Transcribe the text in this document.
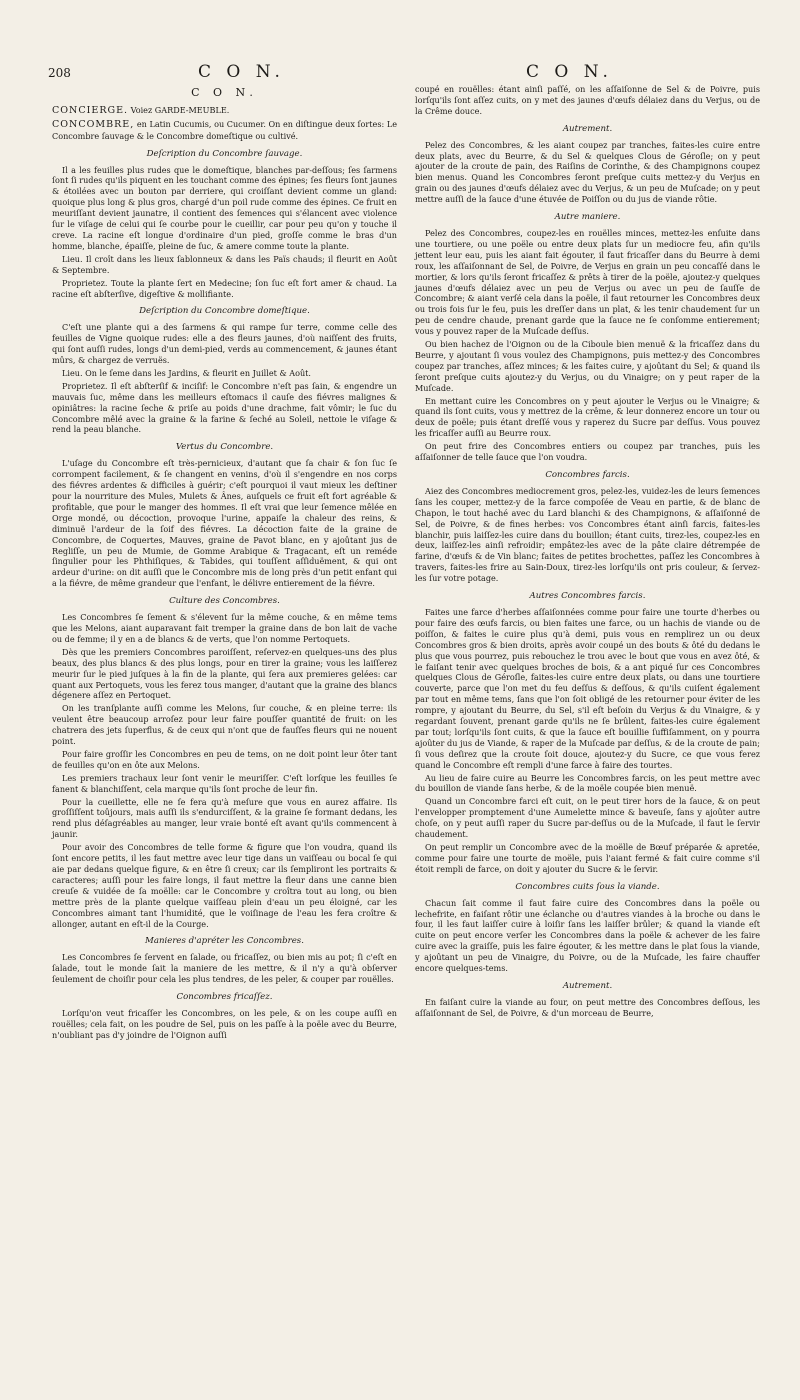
208	C O N.	C O N.
C O N.

CONCIERGE. Voiez GARDE-MEUBLE.

CONCOMBRE, en Latin Cucumis, ou Cucumer. On en diſtingue deux ſortes: Le Concombre ſauvage & le Concombre domeſtique ou cultivé.

Deſcription du Concombre ſauvage.

Il a les feuilles plus rudes que le domeſtique, blanches par-deſſous; ſes ſarmens ſont ſi rudes qu'ils piquent en les touchant comme des épines; ſes fleurs ſont jaunes & étoilées avec un bouton par derriere, qui croiſſant devient comme un gland: quoique plus long & plus gros, chargé d'un poil rude comme des épines. Ce fruit en meuriſſant devient jaunatre, il contient des ſemences qui s'élancent avec violence ſur le viſage de celui qui ſe courbe pour le cueillir, car pour peu qu'on y touche il creve. La racine eſt longue d'ordinaire d'un pied, groſſe comme le bras d'un homme, blanche, épaiſſe, pleine de ſuc, & amere comme toute la plante.

Lieu. Il croît dans les lieux ſablonneux & dans les Païs chauds; il fleurit en Août & Septembre.

Proprietez. Toute la plante ſert en Medecine; ſon ſuc eſt fort amer & chaud. La racine eſt abſterſive, digeſtive & mollifiante.

Deſcription du Concombre domeſtique.

C'eſt une plante qui a des ſarmens & qui rampe ſur terre, comme celle des feuilles de Vigne quoique rudes: elle a des fleurs jaunes, d'où naiſſent des fruits, qui ſont auſſi rudes, longs d'un demi-pied, verds au commencement, & jaunes étant mûrs, & chargez de verruës.

Lieu. On le ſeme dans les Jardins, & fleurit en Juillet & Août.

Proprietez. Il eſt abſterſif & inciſif: le Concombre n'eſt pas ſain, & engendre un mauvais ſuc, même dans les meilleurs eſtomacs il cauſe des fiévres malignes & opiniâtres: la racine ſeche & priſe au poids d'une drachme, fait vômir; le ſuc du Concombre mêlé avec la graine & la farine & ſeché au Soleil, nettoie le viſage & rend la peau blanche.

Vertus du Concombre.

L'uſage du Concombre eſt très-pernicieux, d'autant que ſa chair & ſon ſuc ſe corrompent facilement, & ſe changent en venins, d'où il s'engendre en nos corps des fiévres ardentes & difficiles à guérir; c'eſt pourquoi il vaut mieux les deſtiner pour la nourriture des Mules, Mulets & Ânes, auſquels ce fruit eſt fort agréable & profitable, que pour le manger des hommes. Il eſt vrai que leur ſemence mêlée en Orge mondé, ou décoction, provoque l'urine, appaiſe la chaleur des reins, & diminuë l'ardeur de la ſoif des fiévres. La décoction faite de la graine de Concombre, de Coquertes, Mauves, graine de Pavot blanc, en y ajoûtant jus de Regliſſe, un peu de Mumie, de Gomme Arabique & Tragacant, eſt un reméde ſingulier pour les Phthiſiques, & Tabides, qui touſſent aſſiduëment, & qui ont ardeur d'urine: on dit auſſi que le Concombre mis de long près d'un petit enfant qui a la fiévre, de même grandeur que l'enfant, le délivre entierement de la fiévre.

Culture des Concombres.

Les Concombres ſe ſement & s'élevent ſur la même couche, & en même tems que les Melons, aiant auparavant fait tremper la graine dans de bon lait de vache ou de femme; il y en a de blancs & de verts, que l'on nomme Pertoquets.

Dès que les premiers Concombres paroiſſent, reſervez-en quelques-uns des plus beaux, des plus blancs & des plus longs, pour en tirer la graine; vous les laiſſerez meurir ſur le pied juſques à la fin de la plante, qui ſera aux premieres gelées: car quant aux Pertoquets, vous les ferez tous manger, d'autant que la graine des blancs dégenere aſſez en Pertoquet.

On les tranſplante auſſi comme les Melons, ſur couche, & en pleine terre: ils veulent être beaucoup arroſez pour leur faire pouſſer quantité de fruit: on les chatrera des jets ſuperflus, & de ceux qui n'ont que de fauſſes fleurs qui ne nouent point.

Pour faire groſſir les Concombres en peu de tems, on ne doit point leur ôter tant de feuilles qu'on en ôte aux Melons.

Les premiers trachaux leur ſont venir le meuriſſer. C'eſt lorſque les feuilles ſe fanent & blanchiſſent, cela marque qu'ils ſont proche de leur fin.

Pour la cueillette, elle ne ſe fera qu'à meſure que vous en aurez affaire. Ils groſſiſſent toûjours, mais auſſi ils s'endurciſſent, & la graine ſe formant dedans, les rend plus déſagréables au manger, leur vraie bonté eſt avant qu'ils commencent à jaunir.

Pour avoir des Concombres de telle forme & figure que l'on voudra, quand ils ſont encore petits, il les faut mettre avec leur tige dans un vaiſſeau ou bocal ſe qui aie par dedans quelque figure, & en être ſi creux; car ils ſempliront les portraits & caracteres; auſſi pour les faire longs, il faut mettre la fleur dans une canne bien creuſe & vuidée de ſa moëlle: car le Concombre y croîtra tout au long, ou bien mettre près de la plante quelque vaiſſeau plein d'eau un peu éloigné, car les Concombres aimant tant l'humidité, que le voiſinage de l'eau les fera croître & allonger, autant en eſt-il de la Courge.

Manieres d'apréter les Concombres.

Les Concombres ſe ſervent en ſalade, ou fricaſſez, ou bien mis au pot; ſi c'eſt en ſalade, tout le monde ſait la maniere de les mettre, & il n'y a qu'à obſerver ſeulement de choiſir pour cela les plus tendres, de les peler, & couper par rouëlles.

Concombres fricaſſez.

Lorſqu'on veut fricaſſer les Concombres, on les pele, & on les coupe auſſi en rouëlles; cela fait, on les poudre de Sel, puis on les paſſe à la poële avec du Beurre, n'oubliant pas d'y joindre de l'Oignon auſſi

coupé en rouëlles: étant ainſi paſſé, on les aſſaiſonne de Sel & de Poivre, puis lorſqu'ils ſont aſſez cuits, on y met des jaunes d'œufs délaiez dans du Verjus, ou de la Crême douce.

Autrement.

Pelez des Concombres, & les aiant coupez par tranches, faites-les cuire entre deux plats, avec du Beurre, & du Sel & quelques Clous de Géroſle; on y peut ajouter de la croute de pain, des Raiſins de Corinthe, & des Champignons coupez bien menus. Quand les Concombres ſeront preſque cuits mettez-y du Verjus en grain ou des jaunes d'œufs délaiez avec du Verjus, & un peu de Muſcade; on y peut mettre auſſi de la ſauce d'une étuvée de Poiſſon ou du jus de viande rôtie.

Autre maniere.

Pelez des Concombres, coupez-les en rouëlles minces, mettez-les enſuite dans une tourtiere, ou une poële ou entre deux plats ſur un mediocre feu, afin qu'ils jettent leur eau, puis les aiant fait égouter, il faut fricaſſer dans du Beurre à demi roux, les aſſaiſonnant de Sel, de Poivre, de Verjus en grain un peu concaſſé dans le mortier, & lors qu'ils ſeront fricaſſez & prêts à tirer de la poële, ajoutez-y quelques jaunes d'œufs délaiez avec un peu de Verjus ou avec un peu de ſauſſe de Concombre; & aiant verſé cela dans la poële, il faut retourner les Concombres deux ou trois fois ſur le feu, puis les dreſſer dans un plat, & les tenir chaudement ſur un peu de cendre chaude, prenant garde que la ſauce ne ſe conſomme entierement; vous y pouvez raper de la Muſcade deſſus.

Ou bien hachez de l'Oignon ou de la Ciboule bien menuë & la fricaſſez dans du Beurre, y ajoutant ſi vous voulez des Champignons, puis mettez-y des Concombres coupez par tranches, aſſez minces; & les faites cuire, y ajoûtant du Sel; & quand ils ſeront preſque cuits ajoutez-y du Verjus, ou du Vinaigre; on y peut raper de la Muſcade.

En mettant cuire les Concombres on y peut ajouter le Verjus ou le Vinaigre; & quand ils ſont cuits, vous y mettrez de la crême, & leur donnerez encore un tour ou deux de poële; puis étant dreſſé vous y raperez du Sucre par deſſus. Vous pouvez les fricaſſer auſſi au Beurre roux.

On peut frire des Concombres entiers ou coupez par tranches, puis les aſſaiſonner de telle ſauce que l'on voudra.

Concombres farcis.

Aiez des Concombres mediocrement gros, pelez-les, vuidez-les de leurs ſemences ſans les couper, mettez-y de la farce compoſée de Veau en partie, & de blanc de Chapon, le tout haché avec du Lard blanchi & des Champignons, & aſſaiſonné de Sel, de Poivre, & de fines herbes: vos Concombres étant ainſi farcis, faites-les blanchir, puis laiſſez-les cuire dans du bouillon; étant cuits, tirez-les, coupez-les en deux, laiſſez-les ainſi refroidir; empâtez-les avec de la pâte claire détrempée de farine, d'œufs & de Vin blanc; faites de petites brochettes, paſſez les Concombres à travers, faites-les frire au Sain-Doux, tirez-les lorſqu'ils ont pris couleur, & ſervez-les ſur votre potage.

Autres Concombres farcis.

Faites une farce d'herbes aſſaiſonnées comme pour faire une tourte d'herbes ou pour faire des œufs farcis, ou bien faites une farce, ou un hachis de viande ou de poiſſon, & faites le cuire plus qu'à demi, puis vous en remplirez un ou deux Concombres gros & bien droits, après avoir coupé un des bouts & ôté du dedans le plus que vous pourrez, puis rebouchez le trou avec le bout que vous en avez ôté, & le faiſant tenir avec quelques broches de bois, & a ant piqué ſur ces Concombres quelques Clous de Géroſle, faites-les cuire entre deux plats, ou dans une tourtiere couverte, parce que l'on met du feu deſſus & deſſous, & qu'ils cuiſent également par tout en même tems, ſans que l'on ſoit obligé de les retourner pour éviter de les rompre, y ajoutant du Beurre, du Sel, s'il eſt beſoin du Verjus & du Vinaigre, & y regardant ſouvent, prenant garde qu'ils ne ſe brûlent, faites-les cuire également par tout; lorſqu'ils ſont cuits, & que la ſauce eſt bouillie ſuffiſamment, on y pourra ajoûter du jus de Viande, & raper de la Muſcade par deſſus, & de la croute de pain; ſi vous deſirez que la croute ſoit douce, ajoutez-y du Sucre, ce que vous ferez quand le Concombre eſt rempli d'une farce à faire des tourtes.

Au lieu de faire cuire au Beurre les Concombres farcis, on les peut mettre avec du bouillon de viande ſans herbe, & de la moële coupée bien menuë.

Quand un Concombre farci eſt cuit, on le peut tirer hors de la ſauce, & on peut l'envelopper promptement d'une Aumelette mince & baveuſe, ſans y ajoûter autre choſe, on y peut auſſi raper du Sucre par-deſſus ou de la Muſcade, il faut le ſervir chaudement.

On peut remplir un Concombre avec de la moëlle de Bœuf préparée & apretée, comme pour faire une tourte de moële, puis l'aiant fermé & fait cuire comme s'il étoit rempli de farce, on doit y ajouter du Sucre & le ſervir.

Concombres cuits ſous la viande.

Chacun ſait comme il faut faire cuire des Concombres dans la poële ou lechefrite, en faiſant rôtir une éclanche ou d'autres viandes à la broche ou dans le four, il les faut laiſſer cuire à loiſir ſans les laiſſer brûler; & quand la viande eſt cuite on peut encore verſer les Concombres dans la poële & achever de les faire cuire avec la graiſſe, puis les faire égouter, & les mettre dans le plat ſous la viande, y ajoûtant un peu de Vinaigre, du Poivre, ou de la Muſcade, les faire chauffer encore quelques-tems.

Autrement.

En faiſant cuire la viande au four, on peut mettre des Concombres deſſous, les aſſaiſonnant de Sel, de Poivre, & d'un morceau de Beurre,
